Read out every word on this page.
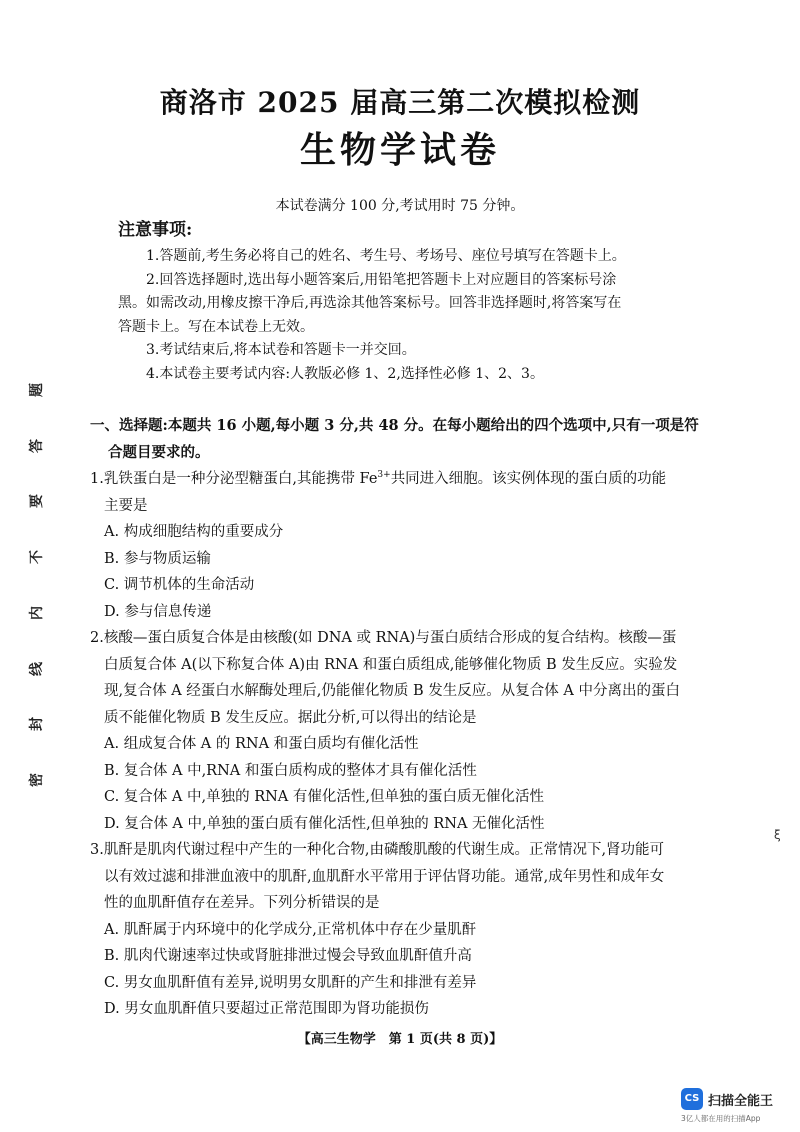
题
答
要
不
内
线
封
密
商洛市 2025 届高三第二次模拟检测
生物学试卷
本试卷满分 100 分,考试用时 75 分钟。
注意事项:

1.答题前,考生务必将自己的姓名、考生号、考场号、座位号填写在答题卡上。

2.回答选择题时,选出每小题答案后,用铅笔把答题卡上对应题目的答案标号涂

黑。如需改动,用橡皮擦干净后,再选涂其他答案标号。回答非选择题时,将答案写在

答题卡上。写在本试卷上无效。

3.考试结束后,将本试卷和答题卡一并交回。

4.本试卷主要考试内容:人教版必修 1、2,选择性必修 1、2、3。

一、选择题:本题共 16 小题,每小题 3 分,共 48 分。在每小题给出的四个选项中,只有一项是符

合题目要求的。

1.乳铁蛋白是一种分泌型糖蛋白,其能携带 $Fe^{3+}$共同进入细胞。该实例体现的蛋白质的功能

主要是

A. 构成细胞结构的重要成分

B. 参与物质运输

C. 调节机体的生命活动

D. 参与信息传递

2.核酸—蛋白质复合体是由核酸(如 DNA 或 RNA)与蛋白质结合形成的复合结构。核酸—蛋

白质复合体 A(以下称复合体 A)由 RNA 和蛋白质组成,能够催化物质 B 发生反应。实验发

现,复合体 A 经蛋白水解酶处理后,仍能催化物质 B 发生反应。从复合体 A 中分离出的蛋白

质不能催化物质 B 发生反应。据此分析,可以得出的结论是

A. 组成复合体 A 的 RNA 和蛋白质均有催化活性

B. 复合体 A 中,RNA 和蛋白质构成的整体才具有催化活性

C. 复合体 A 中,单独的 RNA 有催化活性,但单独的蛋白质无催化活性

D. 复合体 A 中,单独的蛋白质有催化活性,但单独的 RNA 无催化活性

3.肌酐是肌肉代谢过程中产生的一种化合物,由磷酸肌酸的代谢生成。正常情况下,肾功能可

以有效过滤和排泄血液中的肌酐,血肌酐水平常用于评估肾功能。通常,成年男性和成年女

性的血肌酐值存在差异。下列分析错误的是

A. 肌酐属于内环境中的化学成分,正常机体中存在少量肌酐

B. 肌肉代谢速率过快或肾脏排泄过慢会导致血肌酐值升高

C. 男女血肌酐值有差异,说明男女肌酐的产生和排泄有差异

D. 男女血肌酐值只要超过正常范围即为肾功能损伤

ξ
【高三生物学　第 1 页(共 8 页)】
CS 扫描全能王
3亿人都在用的扫描App
